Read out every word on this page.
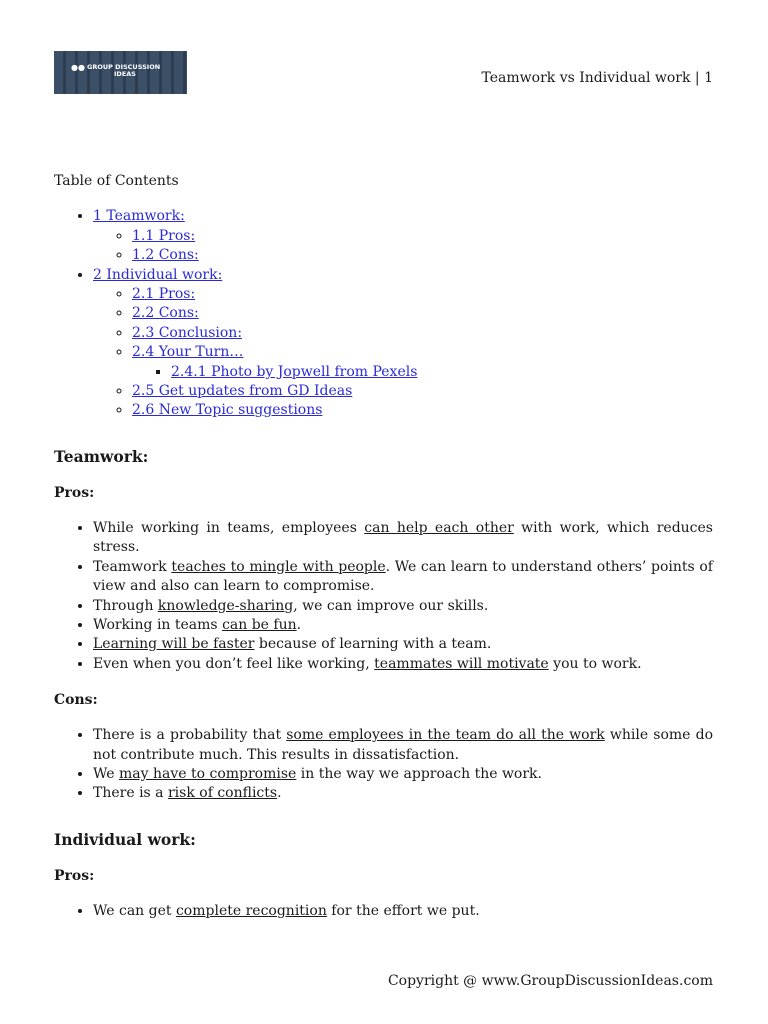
●● GROUP DISCUSSION
IDEAS	Teamwork vs Individual work | 1
Table of Contents
• 1 Teamwork:
◦ 1.1 Pros:
◦ 1.2 Cons:
• 2 Individual work:
◦ 2.1 Pros:
◦ 2.2 Cons:
◦ 2.3 Conclusion:
◦ 2.4 Your Turn…
▪ 2.4.1 Photo by Jopwell from Pexels
◦ 2.5 Get updates from GD Ideas
◦ 2.6 New Topic suggestions
Teamwork:
Pros:
• While working in teams, employees can help each other with work, which reduces stress.
• Teamwork teaches to mingle with people. We can learn to understand others’ points of view and also can learn to compromise.
• Through knowledge-sharing, we can improve our skills.
• Working in teams can be fun.
• Learning will be faster because of learning with a team.
• Even when you don’t feel like working, teammates will motivate you to work.
Cons:
• There is a probability that some employees in the team do all the work while some do not contribute much. This results in dissatisfaction.
• We may have to compromise in the way we approach the work.
• There is a risk of conflicts.
Individual work:
Pros:
• We can get complete recognition for the effort we put.
Copyright @ www.GroupDiscussionIdeas.com
